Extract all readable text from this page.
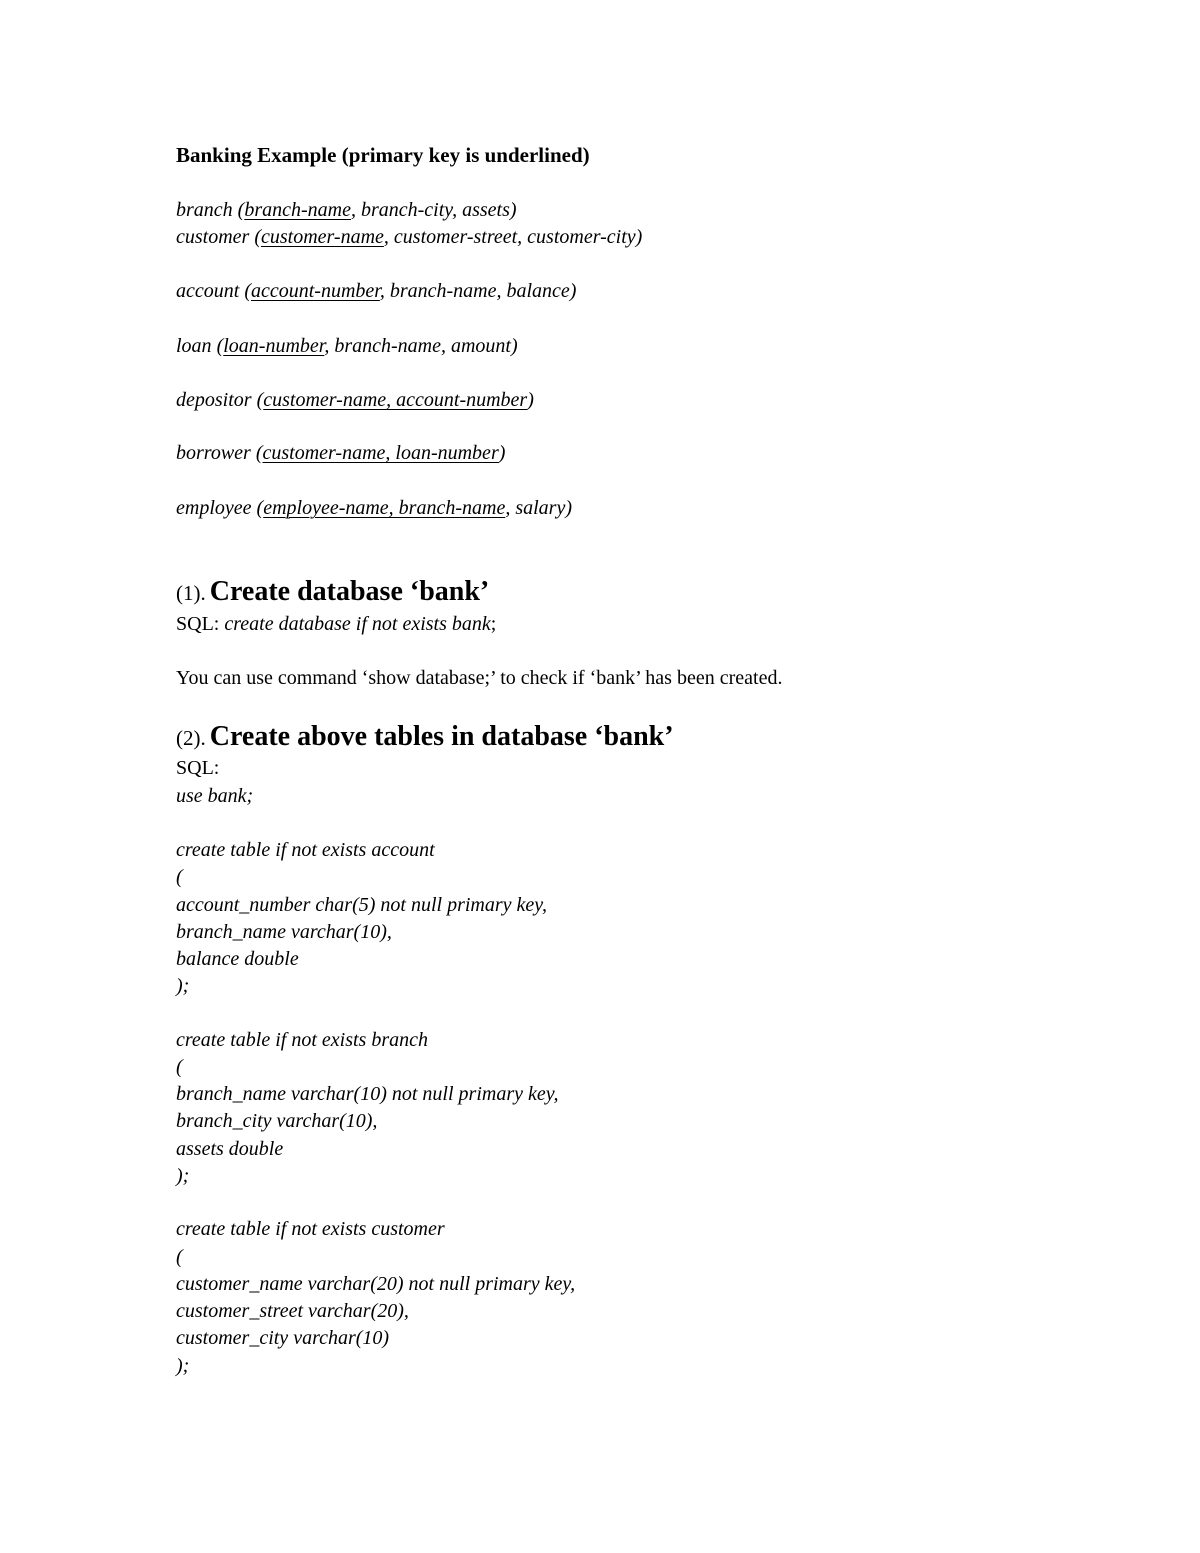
Banking Example (primary key is underlined)
branch (branch-name, branch-city, assets)
customer (customer-name, customer-street, customer-city)
account (account-number, branch-name, balance)
loan (loan-number, branch-name, amount)
depositor (customer-name, account-number)
borrower (customer-name, loan-number)
employee (employee-name, branch-name, salary)
(1). Create database ‘bank’
SQL: create database if not exists bank;
You can use command ‘show database;’ to check if ‘bank’ has been created.
(2). Create above tables in database ‘bank’
SQL:
use bank;
create table if not exists account
(
account_number char(5) not null primary key,
branch_name varchar(10),
balance double
);
create table if not exists branch
(
branch_name varchar(10) not null primary key,
branch_city varchar(10),
assets double
);
create table if not exists customer
(
customer_name varchar(20) not null primary key,
customer_street varchar(20),
customer_city varchar(10)
);
